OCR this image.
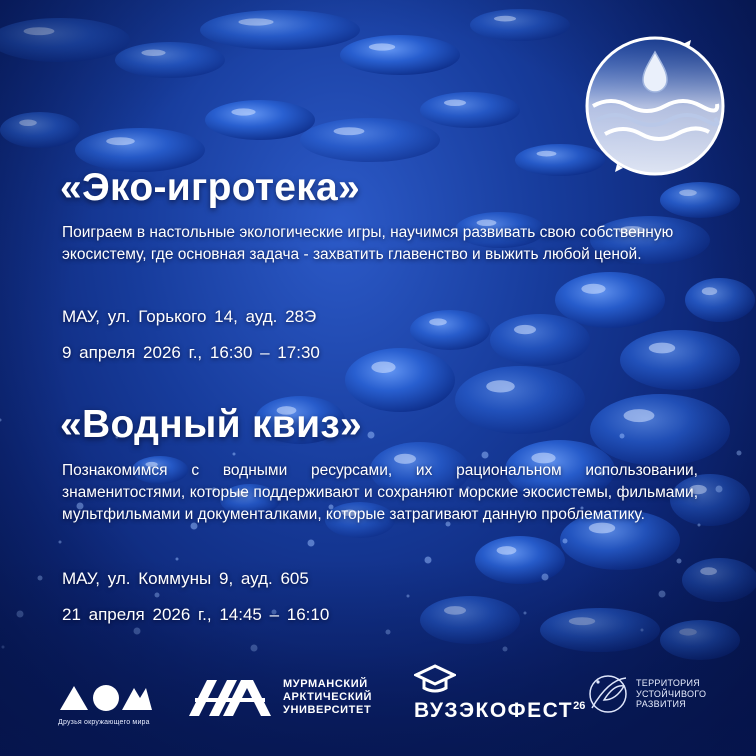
«Эко-игротека»
Поиграем в настольные экологические игры, научимся развивать свою собственную экосистему, где основная задача - захватить главенство и выжить любой ценой.
МАУ, ул. Горького 14, ауд. 28Э
9 апреля 2026 г., 16:30 – 17:30
«Водный квиз»
Познакомимся с водными ресурсами, их рациональном использовании, знаменитостями, которые поддерживают и сохраняют морские экосистемы, фильмами, мультфильмами и документалками, которые затрагивают данную проблематику.
МАУ, ул. Коммуны 9, ауд. 605
21 апреля 2026 г., 14:45 – 16:10
Друзья окружающего мира
МУРМАНСКИЙ
АРКТИЧЕСКИЙ
УНИВЕРСИТЕТ ВУЗЭКОФЕСТ$^{26}$
ТЕРРИТОРИЯ
УСТОЙЧИВОГО
РАЗВИТИЯ
